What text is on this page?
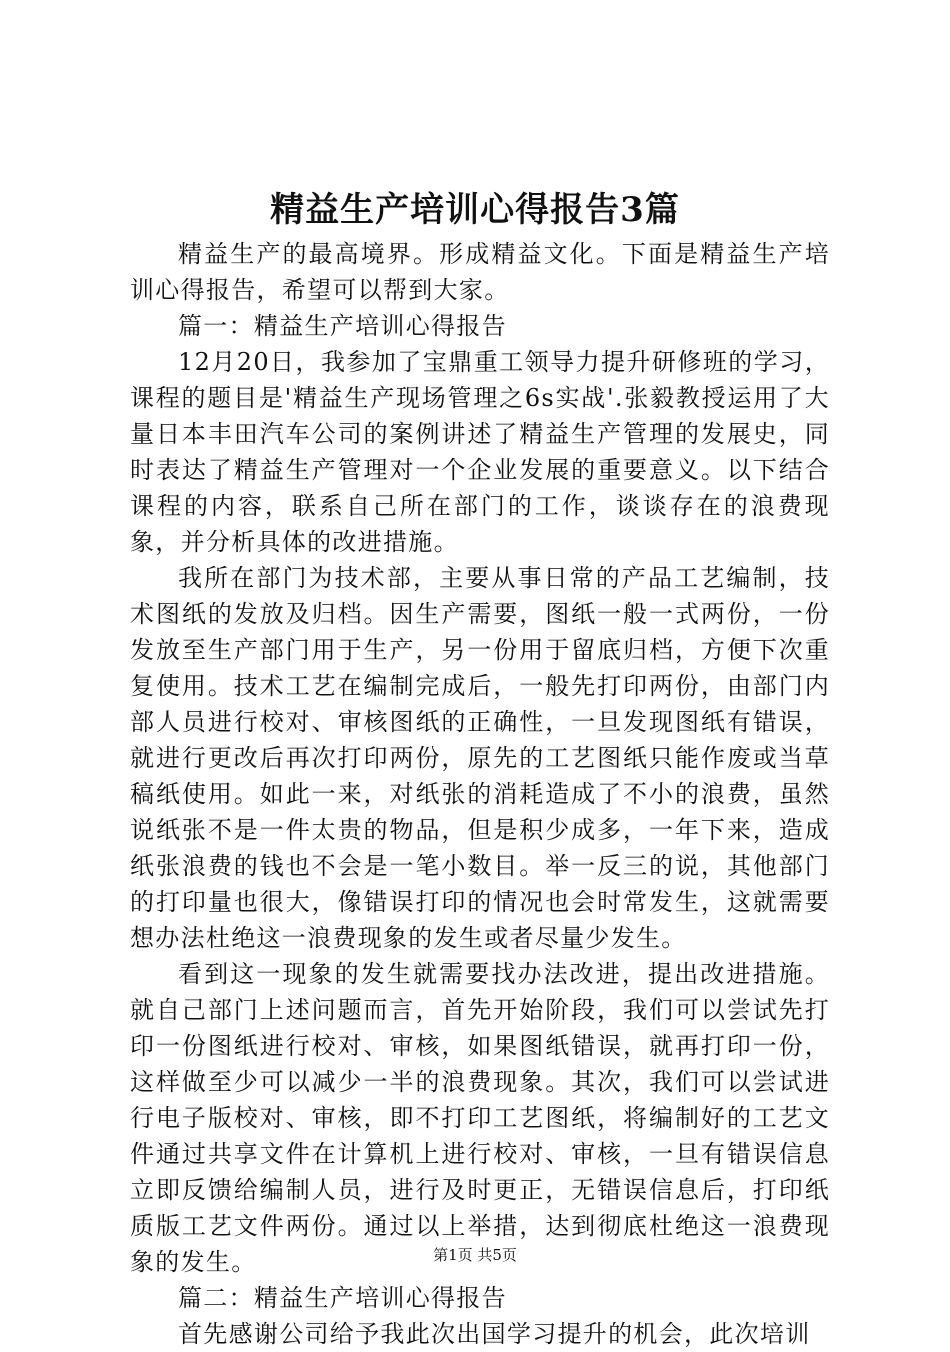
精益生产培训心得报告3篇

精益生产的最高境界。形成精益文化。下面是精益生产培训心得报告，希望可以帮到大家。

篇一：精益生产培训心得报告

12月20日，我参加了宝鼎重工领导力提升研修班的学习，课程的题目是'精益生产现场管理之6s实战'.张毅教授运用了大量日本丰田汽车公司的案例讲述了精益生产管理的发展史，同时表达了精益生产管理对一个企业发展的重要意义。以下结合课程的内容，联系自己所在部门的工作，谈谈存在的浪费现象，并分析具体的改进措施。

我所在部门为技术部，主要从事日常的产品工艺编制，技术图纸的发放及归档。因生产需要，图纸一般一式两份，一份发放至生产部门用于生产，另一份用于留底归档，方便下次重复使用。技术工艺在编制完成后，一般先打印两份，由部门内部人员进行校对、审核图纸的正确性，一旦发现图纸有错误，就进行更改后再次打印两份，原先的工艺图纸只能作废或当草稿纸使用。如此一来，对纸张的消耗造成了不小的浪费，虽然说纸张不是一件太贵的物品，但是积少成多，一年下来，造成纸张浪费的钱也不会是一笔小数目。举一反三的说，其他部门的打印量也很大，像错误打印的情况也会时常发生，这就需要想办法杜绝这一浪费现象的发生或者尽量少发生。

看到这一现象的发生就需要找办法改进，提出改进措施。就自己部门上述问题而言，首先开始阶段，我们可以尝试先打印一份图纸进行校对、审核，如果图纸错误，就再打印一份，这样做至少可以减少一半的浪费现象。其次，我们可以尝试进行电子版校对、审核，即不打印工艺图纸，将编制好的工艺文件通过共享文件在计算机上进行校对、审核，一旦有错误信息立即反馈给编制人员，进行及时更正，无错误信息后，打印纸质版工艺文件两份。通过以上举措，达到彻底杜绝这一浪费现象的发生。

篇二：精益生产培训心得报告

首先感谢公司给予我此次出国学习提升的机会，此次培训

第1页 共5页
